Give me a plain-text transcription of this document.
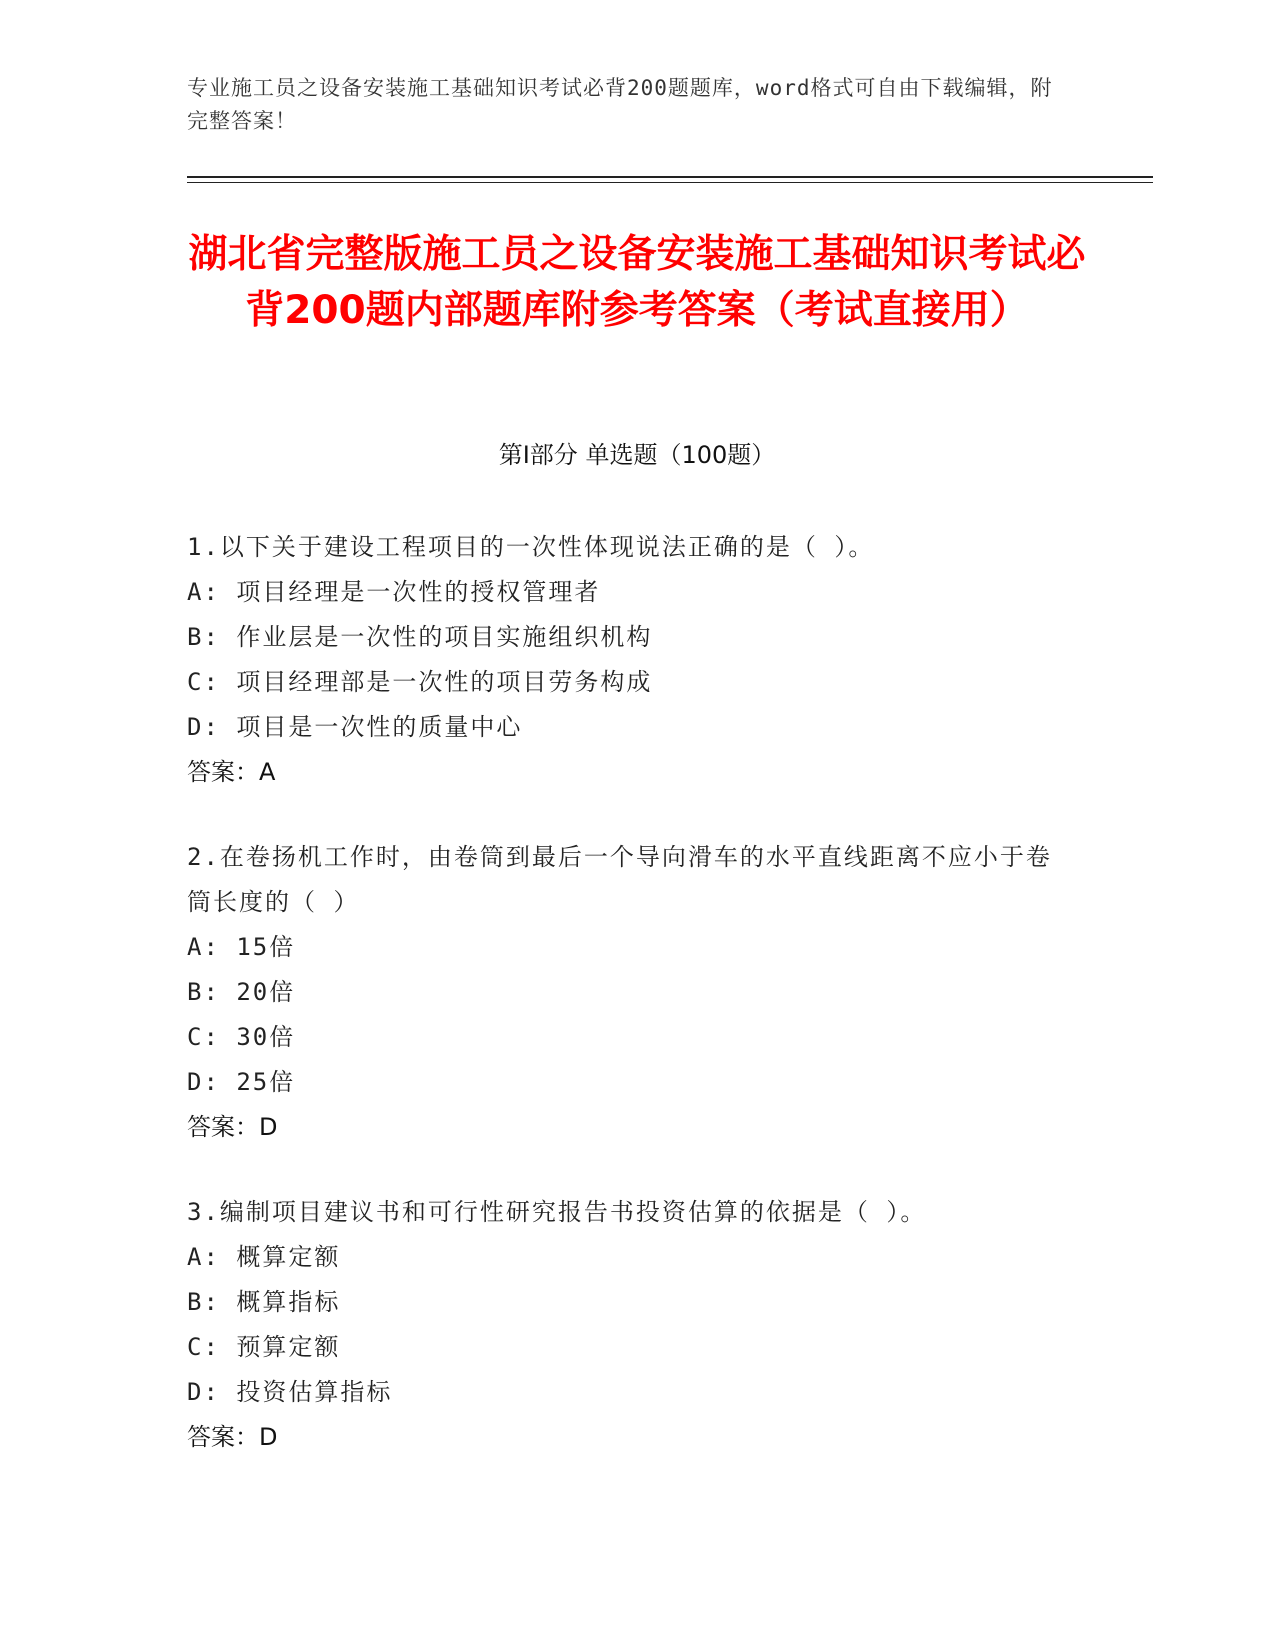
专业施工员之设备安装施工基础知识考试必背200题题库，word格式可自由下载编辑，附完整答案！
湖北省完整版施工员之设备安装施工基础知识考试必背200题内部题库附参考答案（考试直接用）
第I部分 单选题（100题）

1.以下关于建设工程项目的一次性体现说法正确的是（ ）。

A: 项目经理是一次性的授权管理者

B: 作业层是一次性的项目实施组织机构

C: 项目经理部是一次性的项目劳务构成

D: 项目是一次性的质量中心

答案：A

2.在卷扬机工作时，由卷筒到最后一个导向滑车的水平直线距离不应小于卷筒长度的（ ）

A: 15倍

B: 20倍

C: 30倍

D: 25倍

答案：D

3.编制项目建议书和可行性研究报告书投资估算的依据是（ ）。

A: 概算定额

B: 概算指标

C: 预算定额

D: 投资估算指标

答案：D
